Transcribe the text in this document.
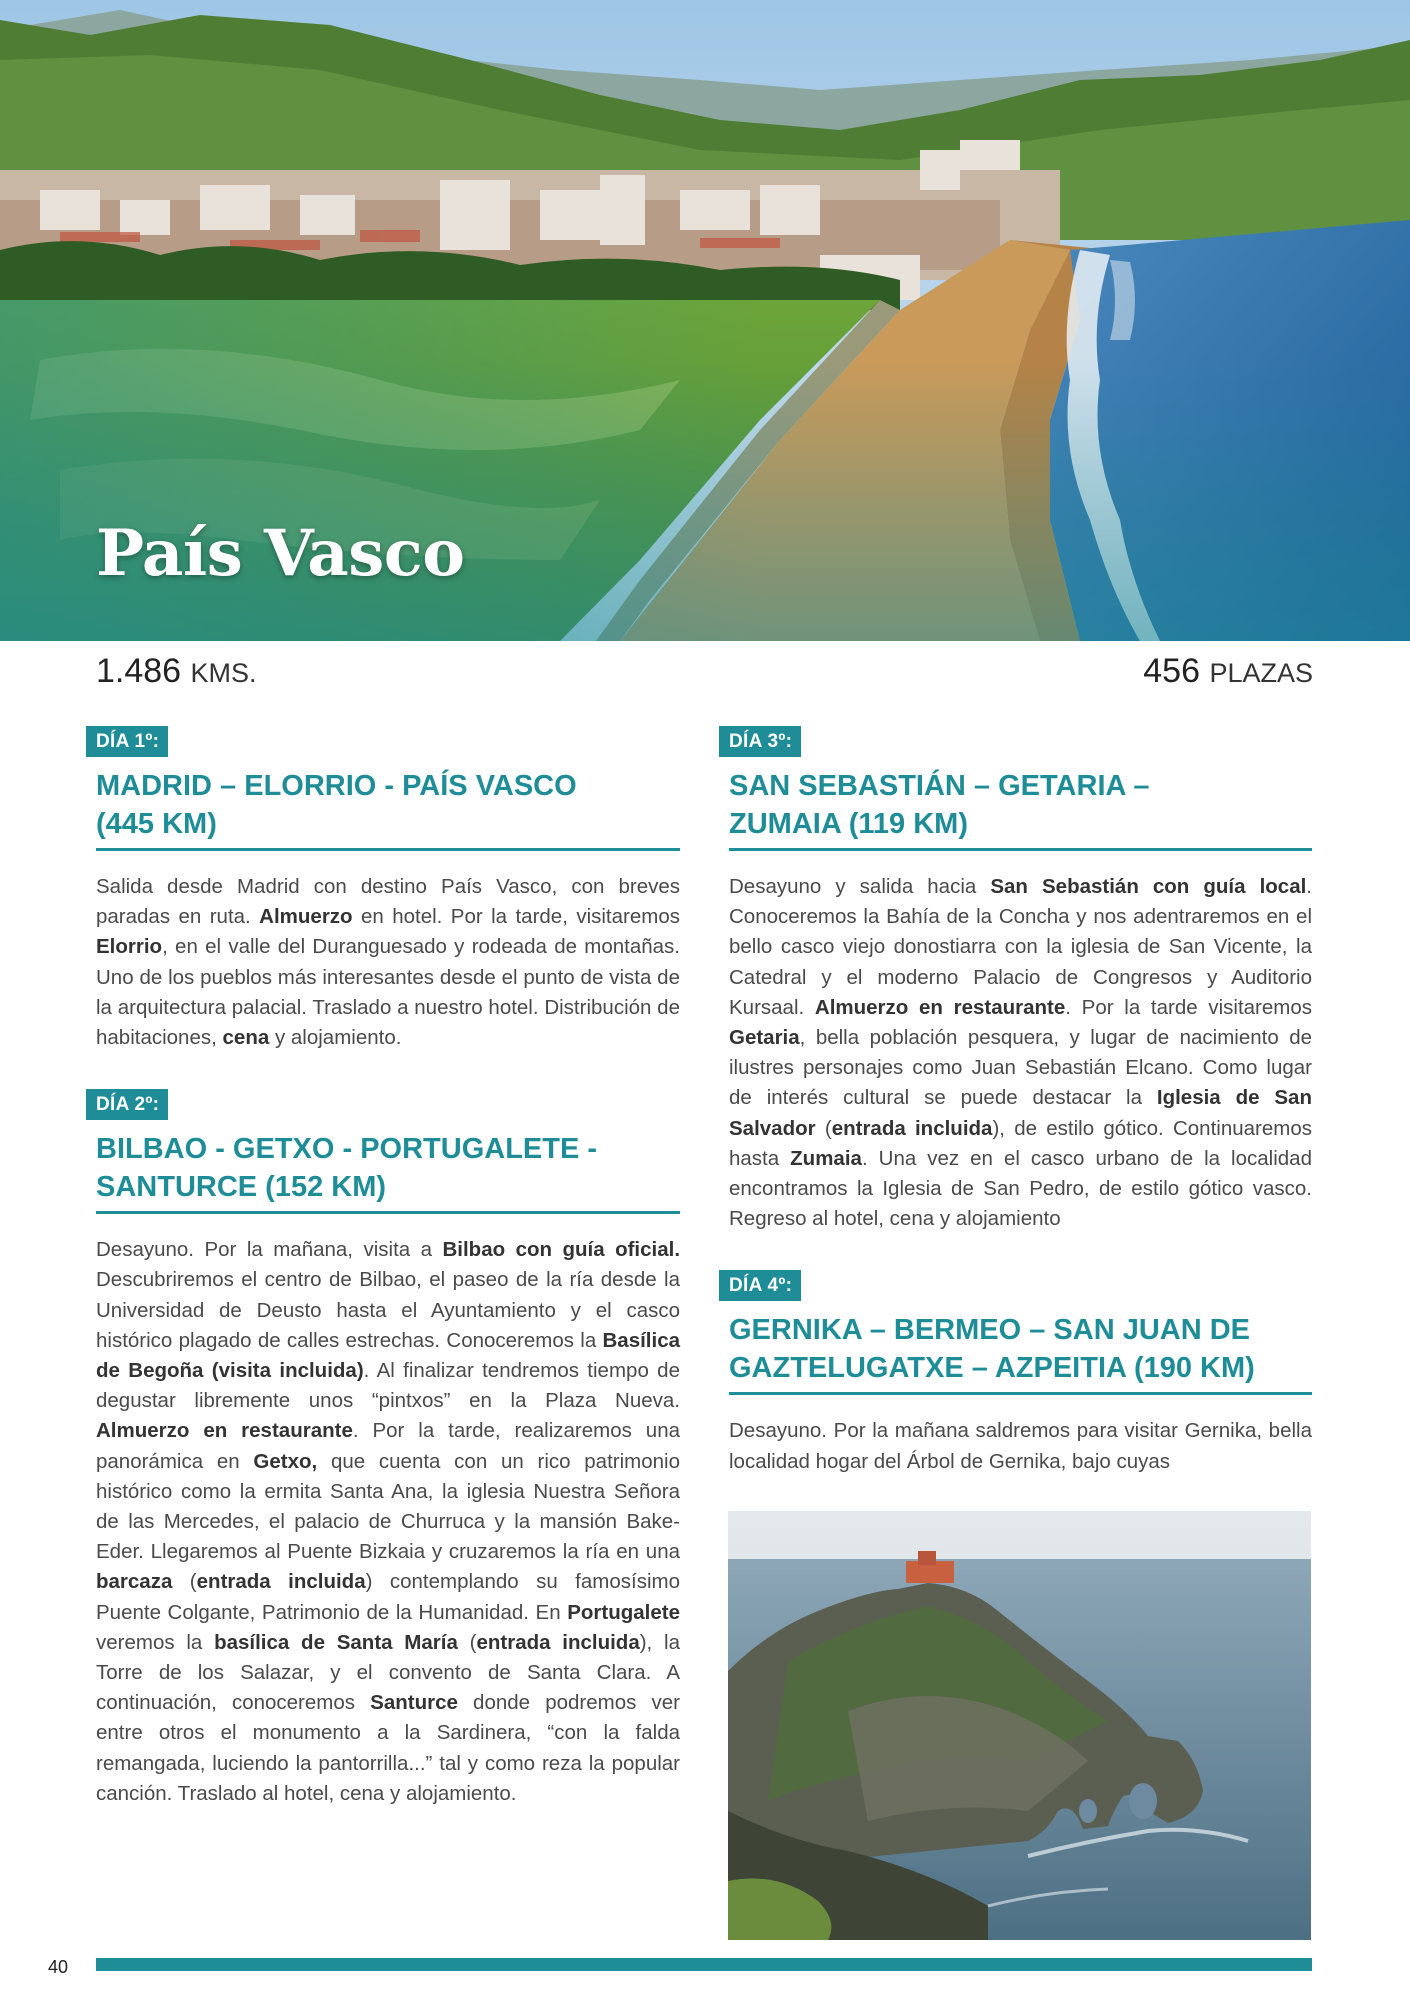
País Vasco
1.486 KMS.	456 PLAZAS
DÍA 1º:
MADRID – ELORRIO - PAÍS VASCO
(445 KM)
Salida desde Madrid con destino País Vasco, con breves paradas en ruta. Almuerzo en hotel. Por la tarde, visitaremos Elorrio, en el valle del Duranguesado y rodeada de montañas. Uno de los pueblos más interesantes desde el punto de vista de la arquitectura palacial. Traslado a nuestro hotel. Distribución de habitaciones, cena y alojamiento.
DÍA 2º:
BILBAO - GETXO - PORTUGALETE -
SANTURCE (152 KM)
Desayuno. Por la mañana, visita a Bilbao con guía oficial. Descubriremos el centro de Bilbao, el paseo de la ría desde la Universidad de Deusto hasta el Ayuntamiento y el casco histórico plagado de calles estrechas. Conoceremos la Basílica de Begoña (visita incluida). Al finalizar tendremos tiempo de degustar libremente unos “pintxos” en la Plaza Nueva. Almuerzo en restaurante. Por la tarde, realizaremos una panorámica en Getxo, que cuenta con un rico patrimonio histórico como la ermita Santa Ana, la iglesia Nuestra Señora de las Mercedes, el palacio de Churruca y la mansión Bake-Eder. Llegaremos al Puente Bizkaia y cruzaremos la ría en una barcaza (entrada incluida) contemplando su famosísimo Puente Colgante, Patrimonio de la Humanidad. En Portugalete veremos la basílica de Santa María (entrada incluida), la Torre de los Salazar, y el convento de Santa Clara. A continuación, conoceremos Santurce donde podremos ver entre otros el monumento a la Sardinera, “con la falda remangada, luciendo la pantorrilla...” tal y como reza la popular canción. Traslado al hotel, cena y alojamiento.
DÍA 3º:
SAN SEBASTIÁN – GETARIA –
ZUMAIA (119 KM)
Desayuno y salida hacia San Sebastián con guía local. Conoceremos la Bahía de la Concha y nos adentraremos en el bello casco viejo donostiarra con la iglesia de San Vicente, la Catedral y el moderno Palacio de Congresos y Auditorio Kursaal. Almuerzo en restaurante. Por la tarde visitaremos Getaria, bella población pesquera, y lugar de nacimiento de ilustres personajes como Juan Sebastián Elcano. Como lugar de interés cultural se puede destacar la Iglesia de San Salvador (entrada incluida), de estilo gótico. Continuaremos hasta Zumaia. Una vez en el casco urbano de la localidad encontramos la Iglesia de San Pedro, de estilo gótico vasco. Regreso al hotel, cena y alojamiento
DÍA 4º:
GERNIKA – BERMEO – SAN JUAN DE
GAZTELUGATXE – AZPEITIA (190 KM)
Desayuno. Por la mañana saldremos para visitar Gernika, bella localidad hogar del Árbol de Gernika, bajo cuyas
40
